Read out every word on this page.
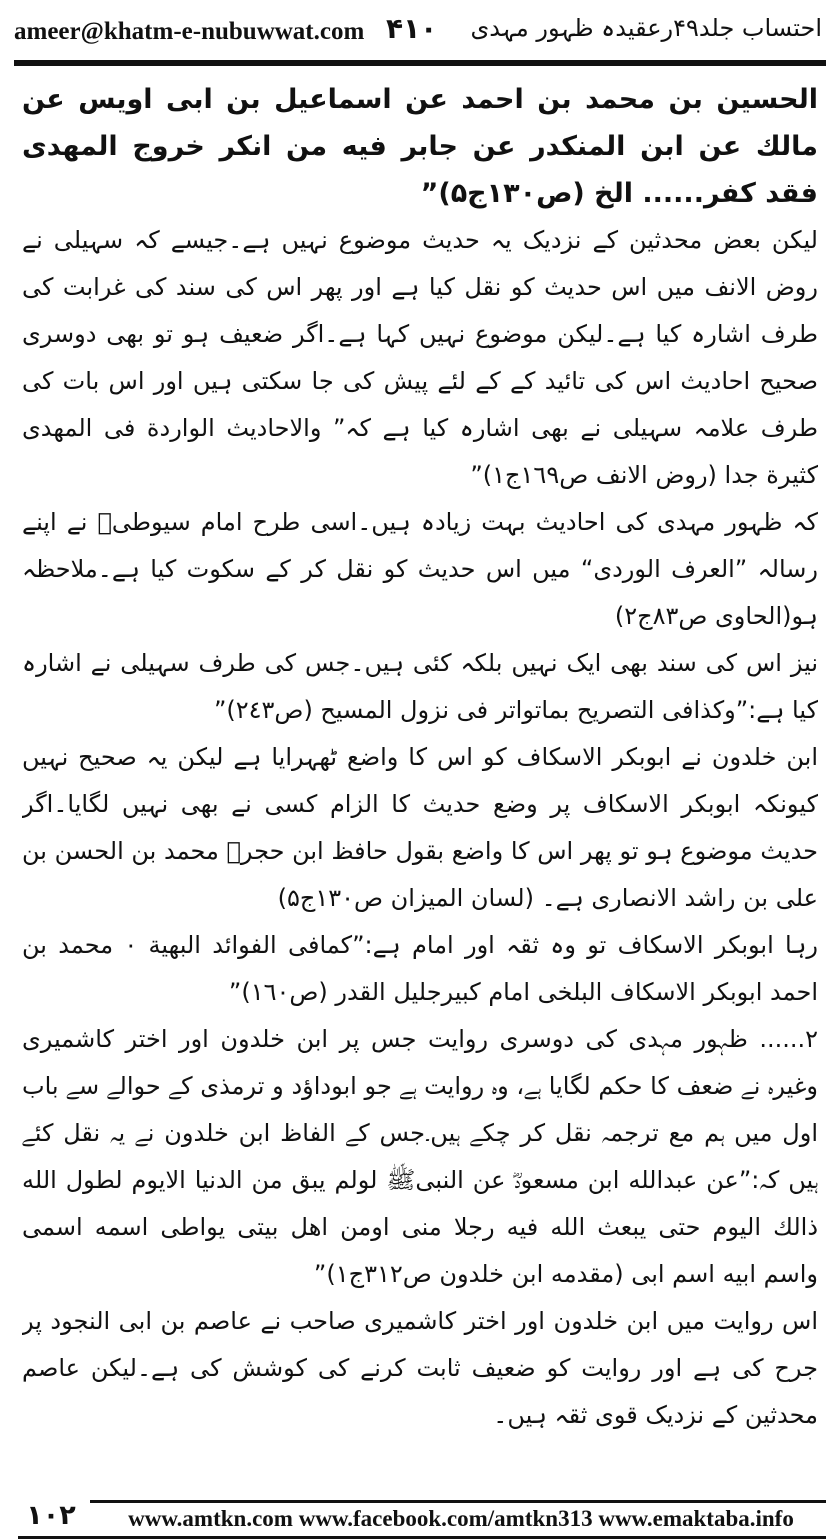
ameer@khatm-e-nubuwwat.com ۴۱۰ احتساب جلد۴۹رعقیدہ ظہور مہدی

الحسین بن محمد بن احمد عن اسماعیل بن ابی اویس عن مالك عن ابن المنكدر عن جابر فیه من انکر خروج المهدی فقد کفر...... الخ (ص۱۳۰ج۵)”

لیکن بعض محدثین کے نزدیک یہ حدیث موضوع نہیں ہے۔جیسے کہ سہیلی نے روض الانف میں اس حدیث کو نقل کیا ہے اور پھر اس کی سند کی غرابت کی طرف اشارہ کیا ہے۔لیکن موضوع نہیں کہا ہے۔اگر ضعیف ہو تو بھی دوسری صحیح احادیث اس کی تائید کے کے لئے پیش کی جا سکتی ہیں اور اس بات کی طرف علامہ سہیلی نے بھی اشارہ کیا ہے کہ” والاحادیث الواردة فی المهدی کثیرة جدا (روض الانف ص۱٦۹ج۱)”

کہ ظہور مہدی کی احادیث بہت زیادہ ہیں۔اسی طرح امام سیوطیؒ نے اپنے رسالہ ”العرف الوردی“ میں اس حدیث کو نقل کر کے سکوت کیا ہے۔ملاحظہ ہو(الحاوی ص۸۳ج۲)

نیز اس کی سند بھی ایک نہیں بلکہ کئی ہیں۔جس کی طرف سہیلی نے اشارہ کیا ہے:”وکذافی التصریح بماتواتر فی نزول المسیح (ص۲٤۳)”

ابن خلدون نے ابوبکر الاسکاف کو اس کا واضع ٹھہرایا ہے لیکن یہ صحیح نہیں کیونکہ ابوبکر الاسکاف پر وضع حدیث کا الزام کسی نے بھی نہیں لگایا۔اگر حدیث موضوع ہو تو پھر اس کا واضع بقول حافظ ابن حجرؒ محمد بن الحسن بن علی بن راشد الانصاری ہے۔ (لسان المیزان ص۱۳۰ج۵)

رہا ابوبکر الاسکاف تو وہ ثقہ اور امام ہے:”کمافی الفوائد البهیة ۰ محمد بن احمد ابوبکر الاسکاف البلخی امام کبیرجلیل القدر (ص۱٦۰)”

۲...... ظہور مہدی کی دوسری روایت جس پر ابن خلدون اور اختر کاشمیری وغیرہ نے ضعف کا حکم لگایا ہے، وہ روایت ہے جو ابوداؤد و ترمذی کے حوالے سے باب اول میں ہم مع ترجمہ نقل کر چکے ہیں۔جس کے الفاظ ابن خلدون نے یہ نقل کئے ہیں کہ:”عن عبدالله ابن مسعودؓ عن النبیﷺ لولم یبق من الدنیا الایوم لطول الله ذالك الیوم حتی یبعث الله فیه رجلا منی اومن اهل بیتی یواطی اسمه اسمی واسم ابیه اسم ابی (مقدمه ابن خلدون ص۳۱۲ج۱)”

اس روایت میں ابن خلدون اور اختر کاشمیری صاحب نے عاصم بن ابی النجود پر جرح کی ہے اور روایت کو ضعیف ثابت کرنے کی کوشش کی ہے۔لیکن عاصم محدثین کے نزدیک قوی ثقہ ہیں۔

۱۰۲	www.amtkn.com www.facebook.com/amtkn313 www.emaktaba.info
